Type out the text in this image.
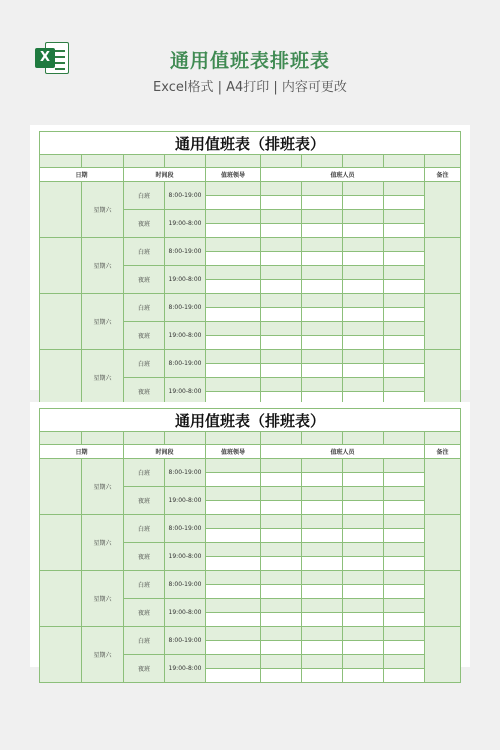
X	通用值班表排班表
Excel格式 | A4打印 | 内容可更改
通用值班表（排班表）									

日期		时间段		值班领导	值班人员				备注
	星期六	白班	8:00-19:00						

		夜班	19:00-8:00						

	星期六	白班	8:00-19:00						

		夜班	19:00-8:00						

	星期六	白班	8:00-19:00						

		夜班	19:00-8:00						

	星期六	白班	8:00-19:00						

		夜班	19:00-8:00						

通用值班表（排班表）									

日期		时间段		值班领导	值班人员				备注
	星期六	白班	8:00-19:00						

		夜班	19:00-8:00						

	星期六	白班	8:00-19:00						

		夜班	19:00-8:00						

	星期六	白班	8:00-19:00						

		夜班	19:00-8:00						

	星期六	白班	8:00-19:00						

		夜班	19:00-8:00						
